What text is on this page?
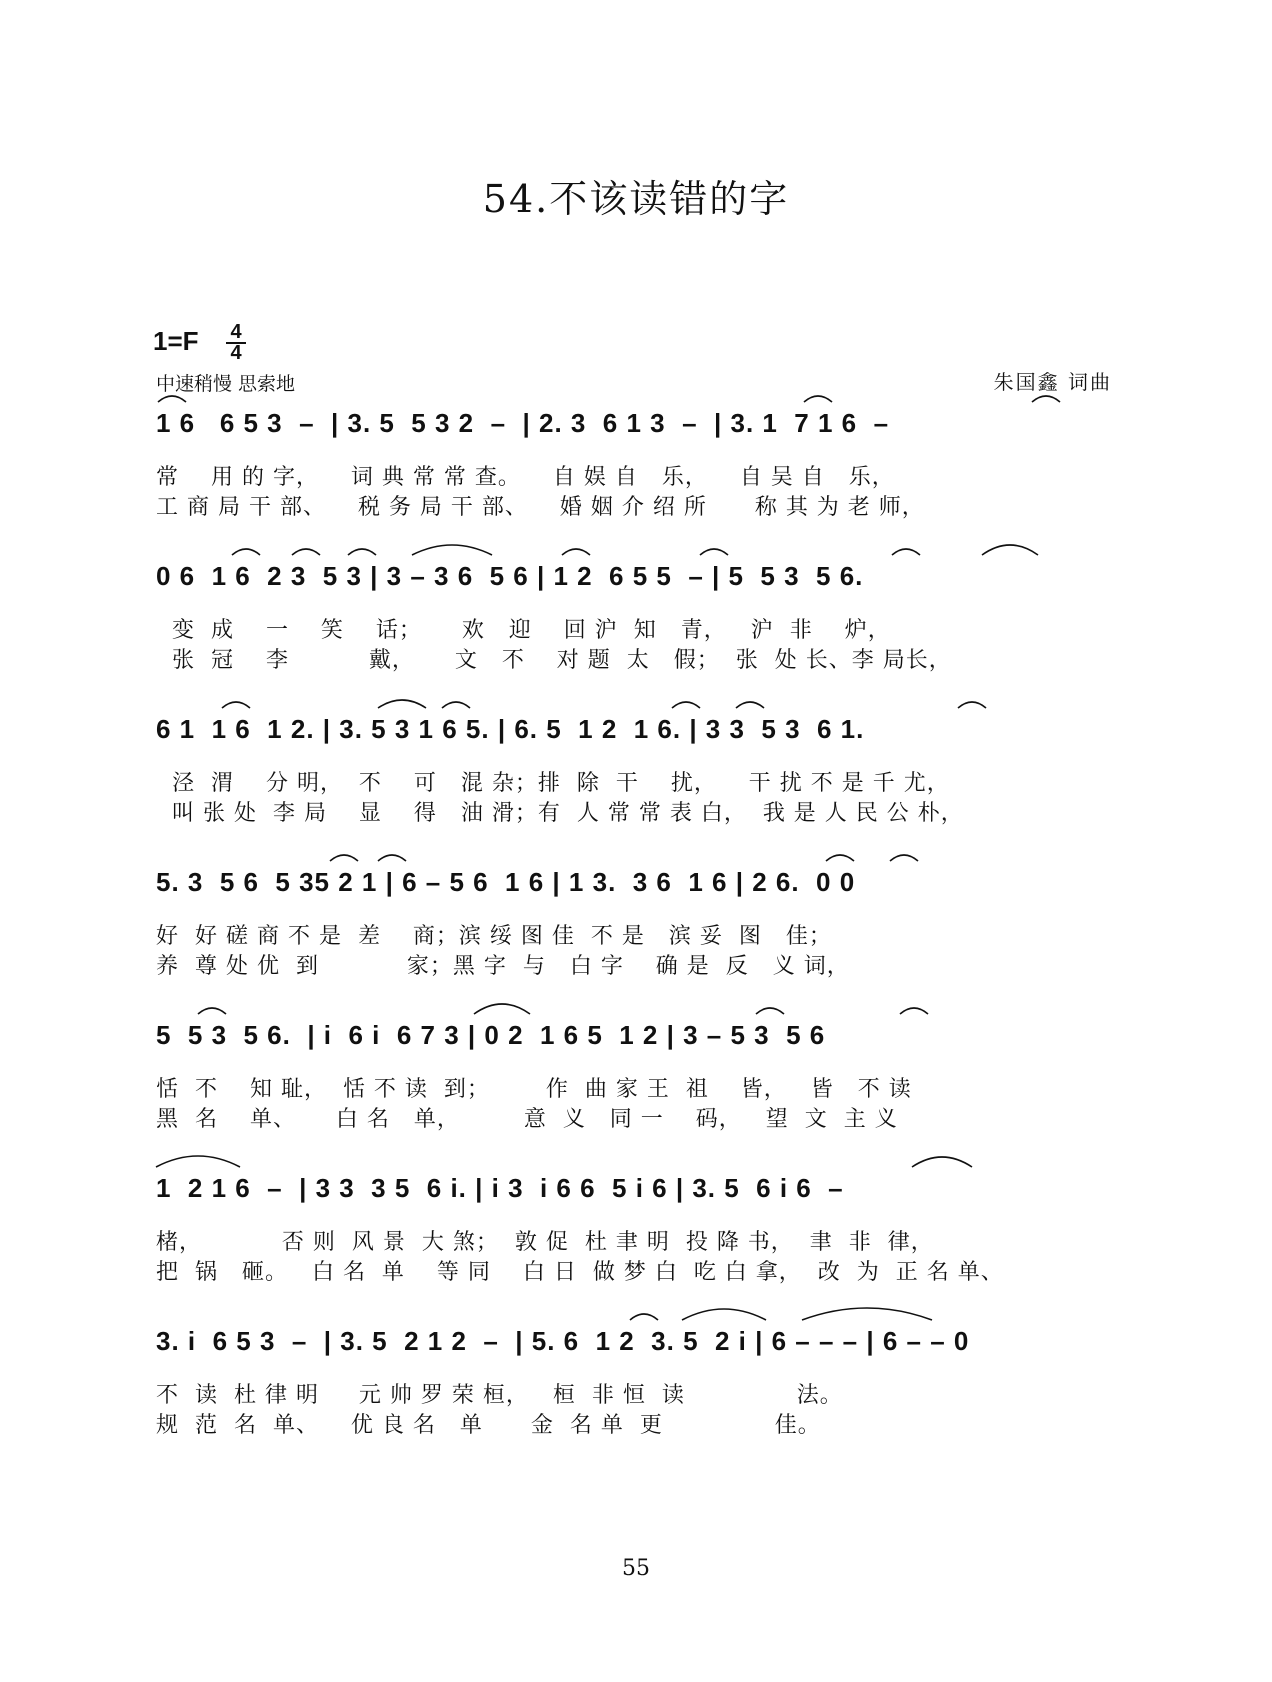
54.不该读错的字
1=F 4
4
中速稍慢 思索地	朱国鑫 词曲
1 6   6 5 3  –  | 3. 5  5 3 2  –  | 2. 3  6 1 3  –  | 3. 1  7 1 6  –
常    用 的 字，    词 典 常 常 查。    自 娱 自   乐，    自 吴 自   乐，
工 商 局 干 部、    税 务 局 干 部、    婚 姻 介 绍 所      称 其 为 老 师，
0 6  1 6  2 3  5 3 | 3 – 3 6  5 6 | 1 2  6 5 5  – | 5  5 3  5 6.
变  成    一    笑    话；     欢   迎    回 沪  知   青，   沪  非    炉，
张  冠    李          戴，     文   不    对 题  太   假；  张  处 长、李 局长，
6 1  1 6  1 2. | 3. 5 3 1 6 5. | 6. 5  1 2  1 6. | 3 3  5 3  6 1.
泾  渭    分 明，  不    可   混 杂；排  除  干    扰，    干 扰 不 是 千 尤，
叫 张 处  李 局    显    得   油 滑；有  人 常 常 表 白，  我 是 人 民 公 朴，
5. 3  5 6  5 35 2 1 | 6 – 5 6  1 6 | 1 3.  3 6  1 6 | 2 6.  0 0
好  好 磋 商 不 是  差    商；滨 绥 图 佳  不 是   滨 妥  图   佳；
养  尊 处 优  到           家；黑 字  与   白 字    确 是  反   义 词，
5  5 3  5 6.  | i  6 i  6 7 3 | 0 2  1 6 5  1 2 | 3 – 5 3  5 6
恬  不    知 耻，  恬 不 读  到；       作  曲 家 王  祖    皆，   皆   不 读
黑  名    单、     白 名   单，        意  义   同 一    码，   望  文  主 义
1  2 1 6  –  | 3 3  3 5  6 i. | i 3  i 6 6  5 i 6 | 3. 5  6 i 6  –
楮，          否 则  风 景  大 煞；  敦 促  杜 聿 明  投 降 书，  聿  非  律，
把  锅   砸。   白 名  单    等 同    白 日  做 梦 白  吃 白 拿，  改  为  正 名 单、
3. i  6 5 3  –  | 3. 5  2 1 2  –  | 5. 6  1 2  3. 5  2 i | 6 – – – | 6 – – 0
不  读  杜 律 明     元 帅 罗 荣 桓，   桓  非 恒  读              法。
规  范  名  单、    优 良 名   单      金  名 单  更              佳。
55
